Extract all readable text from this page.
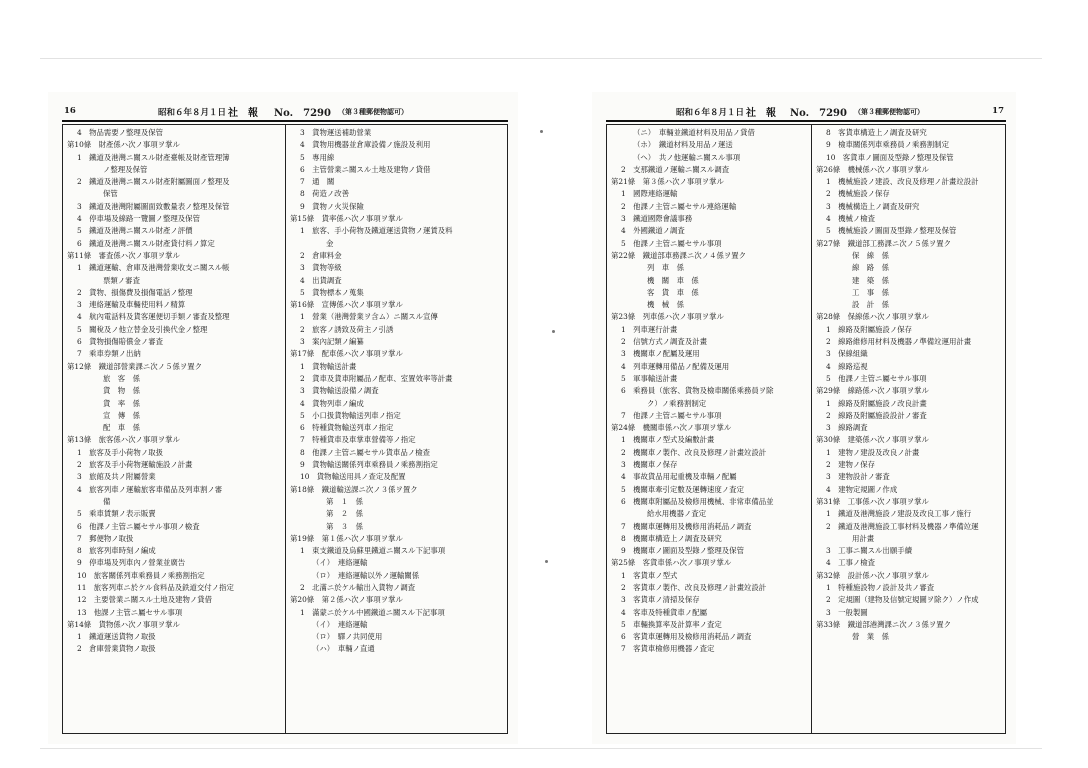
16	昭和６年８月１日 社　報 No.　7290 （第３種郵便物認可）
4　物品需要ノ整理及保管
第10條　財產係ハ次ノ事項ヲ掌ル
1　鐵道及港灣ニ關スル財產臺帳及財產管理簿
ノ整理及保管
2　鐵道及港灣ニ關スル財產附屬圖面ノ整理及
保管
3　鐵道及港灣附屬圖面致數量表ノ整理及保管
4　停車場及線路一覽圖ノ整理及保管
5　鐵道及港灣ニ關スル財產ノ評價
6　鐵道及港灣ニ關スル財產貸付料ノ算定
第11條　審査係ハ次ノ事項ヲ掌ル
1　鐵道運輸、倉庫及港灣營業收支ニ關スル帳
票類ノ審査
2　貨物、損傷費及損傷電話ノ整理
3　連絡運輸及車輛使用料ノ精算
4　航內電話料及貨客運便切手類ノ審査及整理
5　關稅及ノ他立替金及引換代金ノ整理
6　貨物損傷賠償金ノ審査
7　乘車券類ノ出納
第12條　鐵道部營業課ニ次ノ５係ヲ置ク
旅　客　係
貨　物　係
貨　率　係
宣　傳　係
配　車　係
第13條　旅客係ハ次ノ事項ヲ掌ル
1　旅客及手小荷物ノ取扱
2　旅客及手小荷物運輸施設ノ計畫
3　旅館及共ノ附屬營業
4　旅客列車ノ運輸旅客車備品及列車割ノ審
備
5　乘車賃類ノ表示販賣
6　他課ノ主管ニ屬セサル事項ノ檢査
7　郵便物ノ取扱
8　旅客列車時刻ノ編成
9　停車場及列車內ノ營業並廣告
10　旅客關係列車乘務員ノ乘務割指定
11　旅客列車ニ於ケル食料品及鉄道交付ノ指定
12　主要營業ニ關スル土地及建物ノ貸借
13　他課ノ主管ニ屬セサル事項
第14條　貨物係ハ次ノ事項ヲ掌ル
1　鐵道運送貨物ノ取扱
2　倉庫營業貨物ノ取扱
3　貨物運送補助營業
4　貨物用機器並倉庫設備ノ施設及利用
5　專用線
6　主管營業ニ關スル土地及建物ノ貸借
7　通　關
8　荷造ノ改善
9　貨物ノ火災保險
第15條　貨率係ハ次ノ事項ヲ掌ル
1　旅客、手小荷物及鐵道運送貨物ノ運賃及料
金
2　倉庫料金
3　貨物等級
4　出貨調査
5　貨物標本ノ蒐集
第16條　宣傳係ハ次ノ事項ヲ掌ル
1　營業（港灣營業ヲ含ム）ニ關スル宣傳
2　旅客ノ誘致及荷主ノ引誘
3　案內記類ノ編纂
第17條　配車係ハ次ノ事項ヲ掌ル
1　貨物輸送計畫
2　貨車及貨車附屬品ノ配車、室置效率等計畫
3　貨物輸送設備ノ調査
4　貨物列車ノ編成
5　小口扱貨物輸送列車ノ指定
6　特種貨物輸送列車ノ指定
7　特種貨車及車掌車營備等ノ指定
8　他課ノ主管ニ屬セサル貨車品ノ檢查
9　貨物輸送關係列車乘務員ノ乘務割指定
10　貨物輸送用具ノ查定及配置
第18條　鐵道輸送課ニ次ノ３係ヲ置ク
第　１　係
第　２　係
第　３　係
第19條　第１係ハ次ノ事項ヲ掌ル
1　東支鐵道及烏蘇里鐵道ニ關スル下記事項
（イ）　連絡運輸
（ロ）　連絡運輸以外ノ運輸關係
2　北滿ニ於ケル輸出入貨物ノ調査
第20條　第２係ハ次ノ事項ヲ掌ル
1　滿蒙ニ於ケル中國鐵道ニ關スル下記事項
（イ）　連絡運輸
（ロ）　驛ノ共同使用
（ハ）　車輛ノ直通
昭和６年８月１日 社　報 No.　7290 （第３種郵便物認可）	17
（ニ）　車輛並鐵道材料及用品ノ貸借
（ホ）　鐵道材料及用品ノ運送
（ヘ）　共ノ他運輸ニ關スル事項
2　支那鐵道ノ運輸ニ關スル調査
第21條　第３係ハ次ノ事項ヲ掌ル
1　國際連絡運輸
2　他課ノ主管ニ屬セサル連絡運輸
3　鐵道國際會議事務
4　外國鐵道ノ調査
5　他課ノ主管ニ屬セサル事項
第22條　鐵道部車務課ニ次ノ４係ヲ置ク
列　車　係
機　關　車　係
客　貨　車　係
機　械　係
第23條　列車係ハ次ノ事項ヲ掌ル
1　列車運行計畫
2　信號方式ノ調査及計畫
3　機關車ノ配屬及運用
4　列車運轉用備品ノ配備及運用
5　軍事輸送計畫
6　乘務員（旅客、貨物及檢車關係乘務員ヲ除
ク）ノ乘務割制定
7　他課ノ主管ニ屬セサル事項
第24條　機關車係ハ次ノ事項ヲ掌ル
1　機關車ノ型式及編數計畫
2　機關車ノ製作、改良及修理ノ計畫竝設計
3　機關車ノ保存
4　事故貨品用起重機及車輛ノ配屬
5　機關車牽引定數及運轉速度ノ査定
6　機關車附屬品及檢修用機械、非常車備品並
給水用機器ノ査定
7　機關車運轉用及機修用消耗品ノ調査
8　機關車構造上ノ調査及研究
9　機關車ノ圖面及型錄ノ整理及保管
第25條　客貨車係ハ次ノ事項ヲ掌ル
1　客貨車ノ型式
2　客貨車ノ製作、改良及修理ノ計畫竝設計
3　客貨車ノ清掃及保存
4　客車及特種貨車ノ配屬
5　車輛換算率及計算率ノ査定
6　客貨車運轉用及檢修用消耗品ノ調査
7　客貨車檢修用機器ノ査定
8　客貨車構造上ノ調査及研究
9　檢車關係列車乘務員ノ乘務割制定
10　客貨車ノ圖面及型錄ノ整理及保管
第26條　機械係ハ次ノ事項ヲ掌ル
1　機械施設ノ建設、改良及修理ノ計畫竝設計
2　機械施設ノ保存
3　機械構造上ノ調査及研究
4　機械ノ檢査
5　機械施設ノ圖面及型錄ノ整理及保管
第27條　鐵道部工務課ニ次ノ５係ヲ置ク
保　線　係
線　路　係
建　築　係
工　事　係
設　計　係
第28條　保線係ハ次ノ事項ヲ掌ル
1　線路及附屬施設ノ保存
2　線路維修用材料及機器ノ準備竝運用計畫
3　保線組織
4　線路巡視
5　他課ノ主管ニ屬セサル事項
第29條　線路係ハ次ノ事項ヲ掌ル
1　線路及附屬施設ノ改良計畫
2　線路及附屬施設設計ノ審査
3　線路調査
第30條　建築係ハ次ノ事項ヲ掌ル
1　建物ノ建設及改良ノ計畫
2　建物ノ保存
3　建物設計ノ審査
4　建物定規圖ノ作成
第31條　工事係ハ次ノ事項ヲ掌ル
1　鐵道及港灣施設ノ建設及改良工事ノ施行
2　鐵道及港灣施設工事材料及機器ノ準備竝運
用計畫
3　工事ニ關スル出願手續
4　工事ノ檢査
第32條　設計係ハ次ノ事項ヲ掌ル
1　特種施設物ノ設計及共ノ審査
2　定規圖（建物及信號定規圖ヲ除ク）ノ作成
3　一般製圖
第33條　鐵道部港灣課ニ次ノ３係ヲ置ク
營　業　係
